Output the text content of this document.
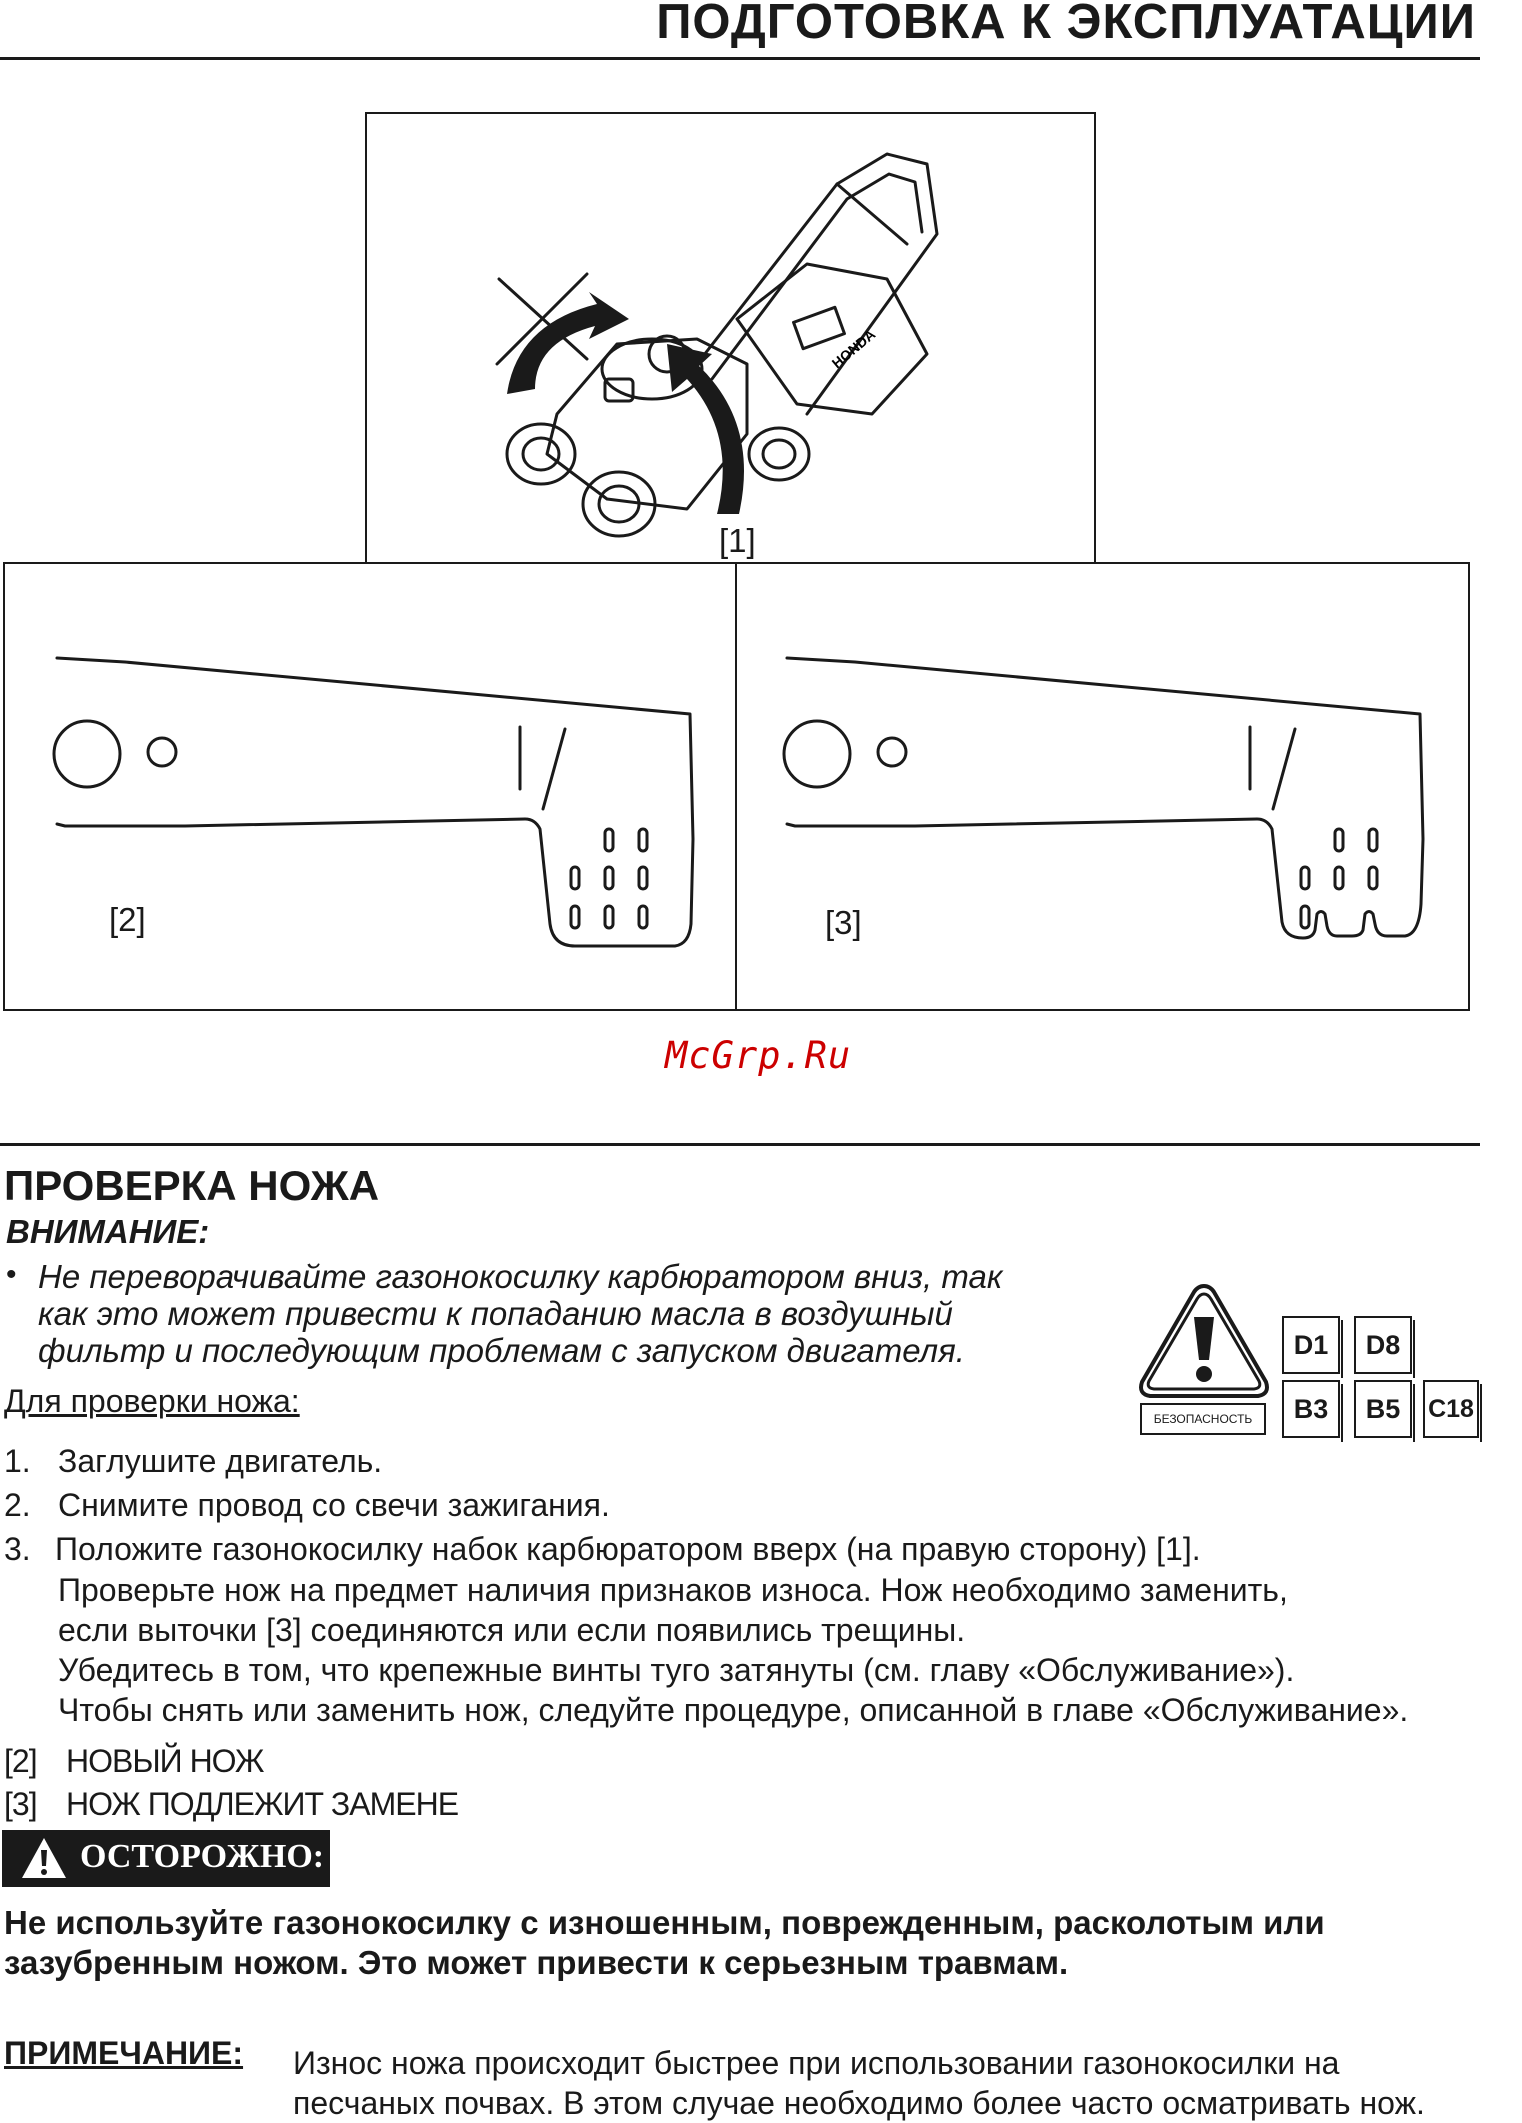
ПОДГОТОВКА К ЭКСПЛУАТАЦИИ
HONDA
[1]
[2]	[3]
McGrp.Ru
ПРОВЕРКА НОЖА
ВНИМАНИЕ:
• Не переворачивайте газонокосилку карбюратором вниз, так
как это может привести к попаданию масла в воздушный
фильтр и последующим проблемам с запуском двигателя.
БЕЗОПАСНОСТЬ
D1	D8
B3	B5	C18
Для проверки ножа:
1. Заглушите двигатель.
2. Снимите провод со свечи зажигания.
3. Положите газонокосилку набок карбюратором вверх (на правую сторону) [1].
Проверьте нож на предмет наличия признаков износа. Нож необходимо заменить,
если выточки [3] соединяются или если появились трещины.
Убедитесь в том, что крепежные винты туго затянуты (см. главу «Обслуживание»).
Чтобы снять или заменить нож, следуйте процедуре, описанной в главе «Обслуживание».
[2] НОВЫЙ НОЖ
[3] НОЖ ПОДЛЕЖИТ ЗАМЕНЕ
ОСТОРОЖНО:
Не используйте газонокосилку с изношенным, поврежденным, расколотым или
зазубренным ножом. Это может привести к серьезным травмам.
ПРИМЕЧАНИЕ: Износ ножа происходит быстрее при использовании газонокосилки на
песчаных почвах. В этом случае необходимо более часто осматривать нож.
